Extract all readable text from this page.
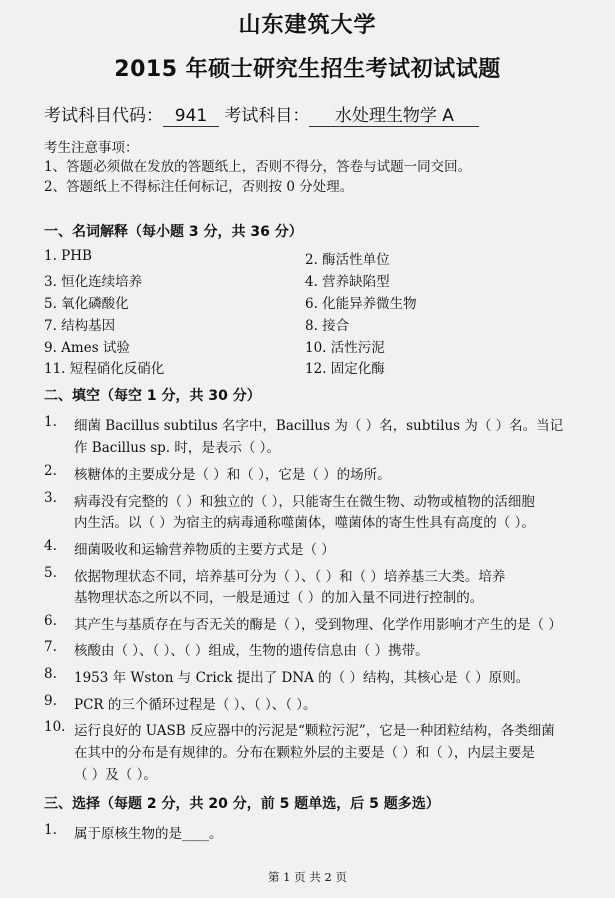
山东建筑大学
2015 年硕士研究生招生考试初试试题
考试科目代码： 941 考试科目： 水处理生物学 A
考生注意事项：
1、答题必须做在发放的答题纸上，否则不得分，答卷与试题一同交回。
2、答题纸上不得标注任何标记，否则按 0 分处理。
一、名词解释（每小题 3 分，共 36 分）
1. PHB	2. 酶活性单位
3. 恒化连续培养	4. 营养缺陷型
5. 氧化磷酸化	6. 化能异养微生物
7. 结构基因	8. 接合
9. Ames 试验	10. 活性污泥
11. 短程硝化反硝化	12. 固定化酶
二、填空（每空 1 分，共 30 分）
1. 细菌 Bacillus subtilus 名字中，Bacillus 为（ ）名，subtilus 为（ ）名。当记
作 Bacillus sp. 时，是表示（ ）。
2. 核糖体的主要成分是（ ）和（ ），它是（ ）的场所。
3. 病毒没有完整的（ ）和独立的（ ），只能寄生在微生物、动物或植物的活细胞
内生活。以（ ）为宿主的病毒通称噬菌体，噬菌体的寄生性具有高度的（ ）。
4. 细菌吸收和运输营养物质的主要方式是（ ）
5. 依据物理状态不同，培养基可分为（ ）、（ ）和（ ）培养基三大类。培养
基物理状态之所以不同，一般是通过（ ）的加入量不同进行控制的。
6. 其产生与基质存在与否无关的酶是（ ），受到物理、化学作用影响才产生的是（ ）
7. 核酸由（ ）、（ ）、（ ）组成，生物的遗传信息由（ ）携带。
8. 1953 年 Wston 与 Crick 提出了 DNA 的（ ）结构，其核心是（ ）原则。
9. PCR 的三个循环过程是（ ）、（ ）、（ ）。
10. 运行良好的 UASB 反应器中的污泥是“颗粒污泥”，它是一种团粒结构，各类细菌
在其中的分布是有规律的。分布在颗粒外层的主要是（ ）和（ ），内层主要是
（ ）及（ ）。
三、选择（每题 2 分，共 20 分，前 5 题单选，后 5 题多选）
1. 属于原核生物的是____。
第 1 页 共 2 页
